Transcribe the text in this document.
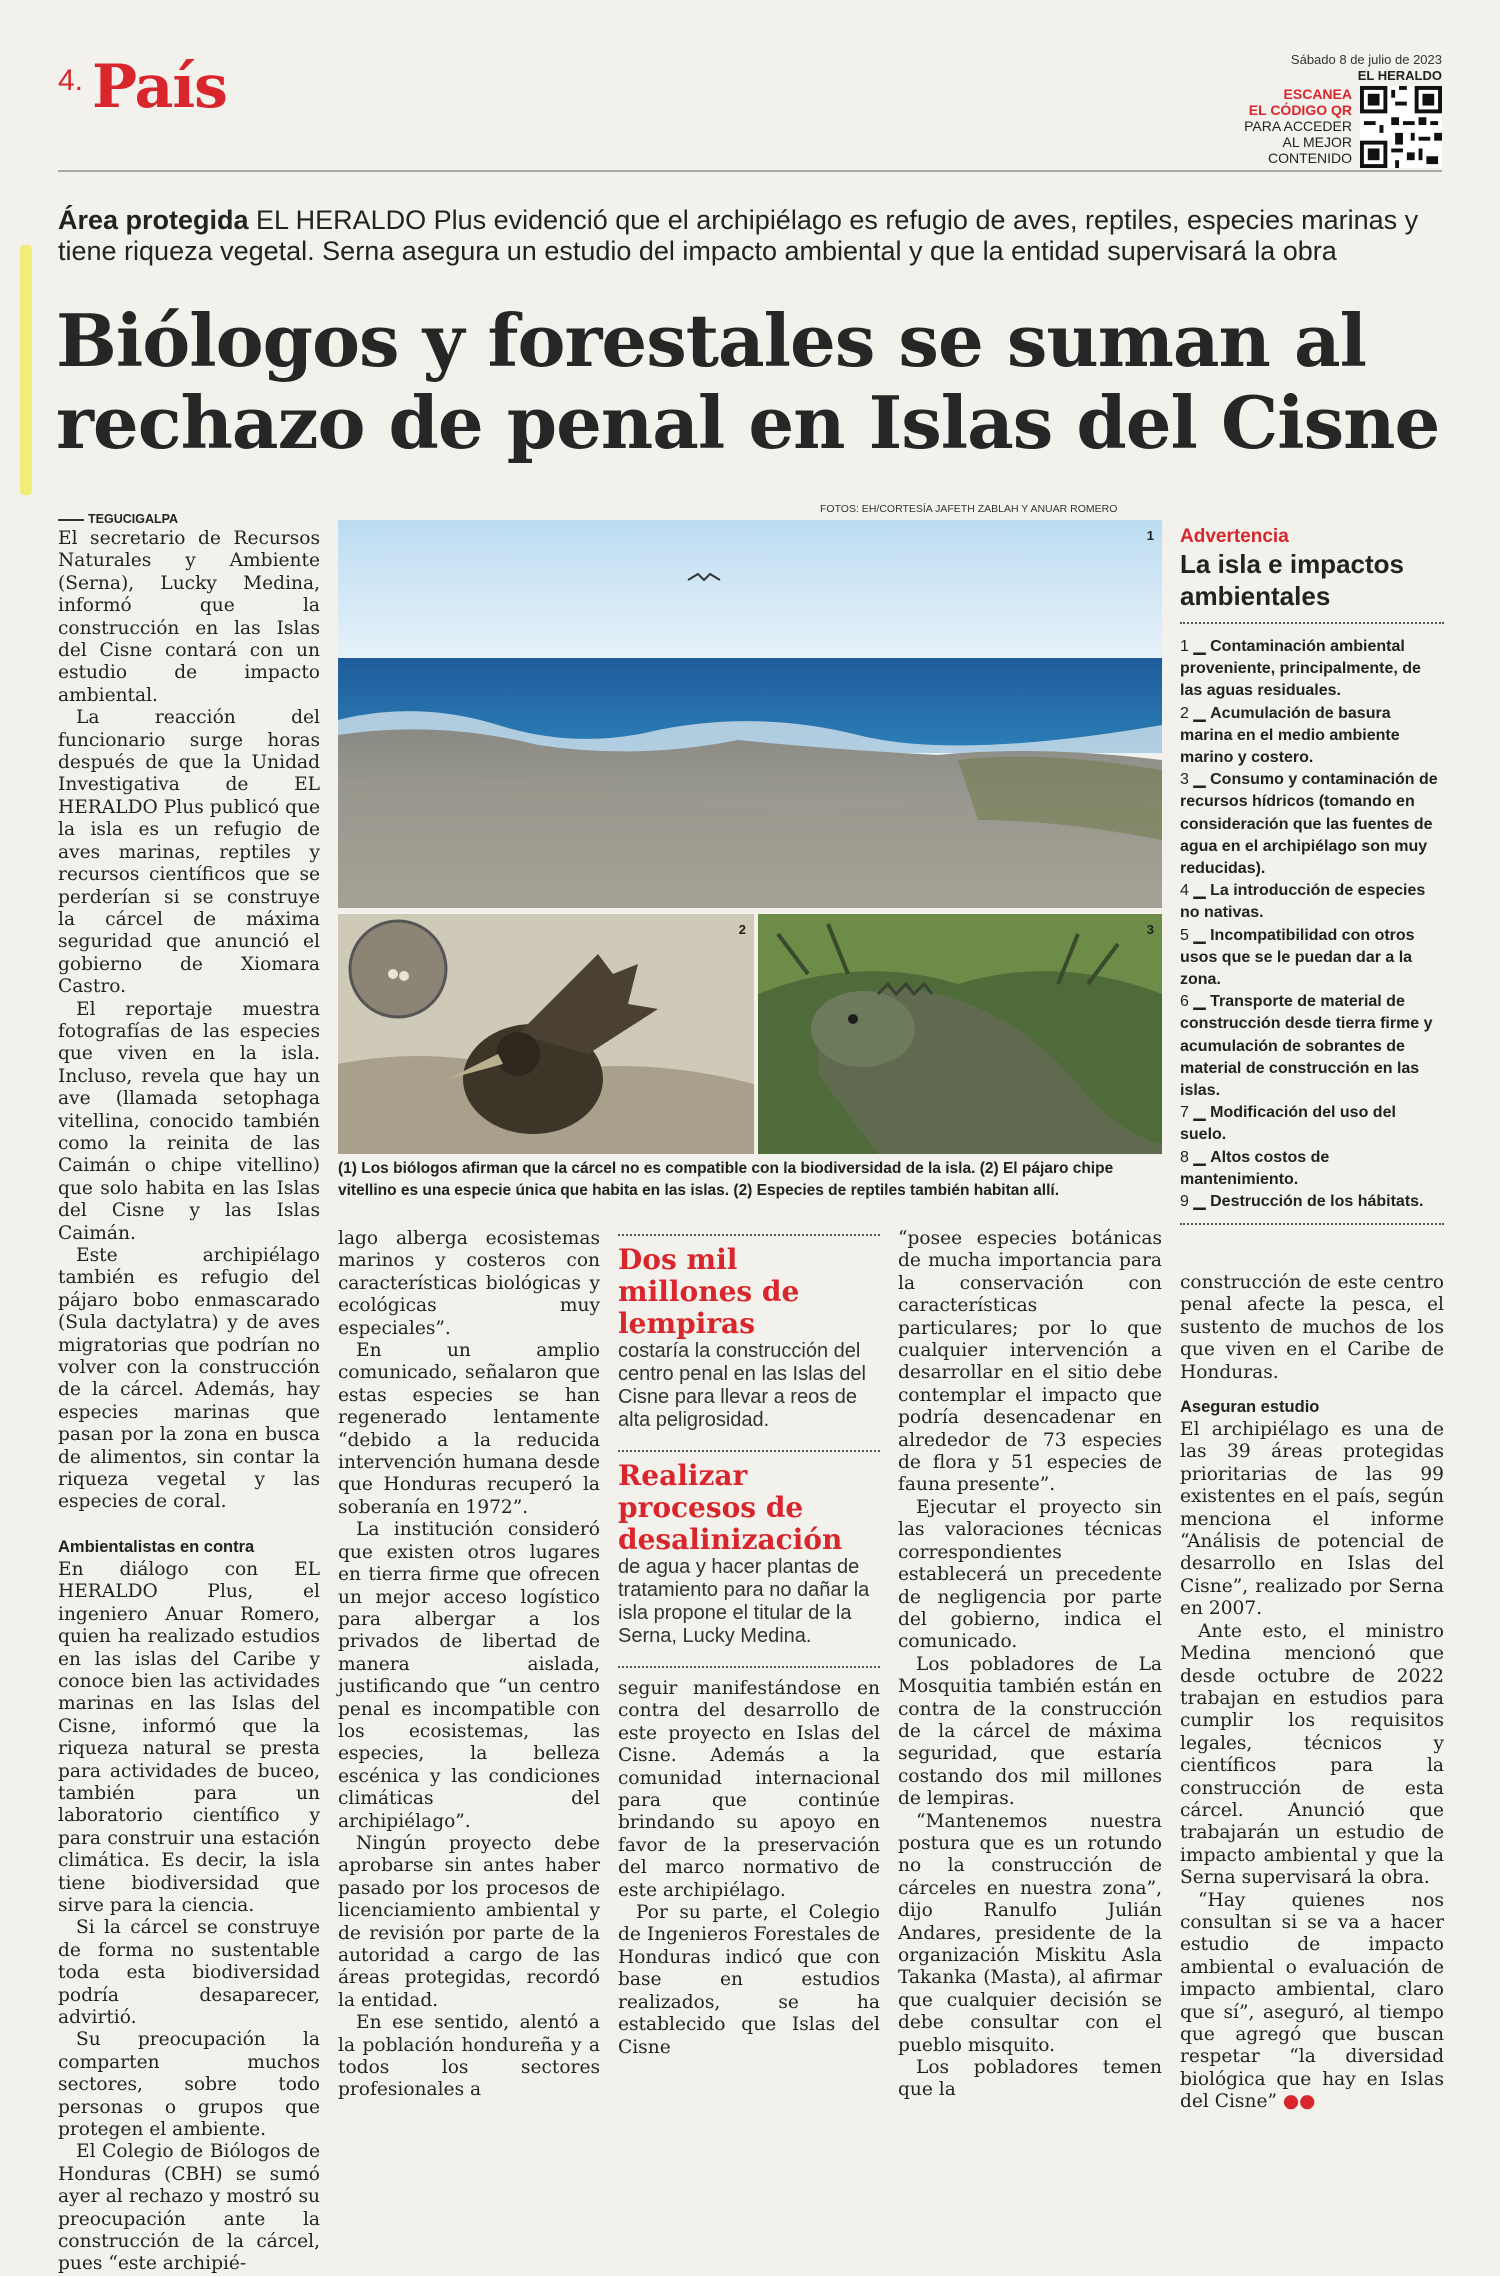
4. País	Sábado 8 de julio de 2023
EL HERALDO
ESCANEA
EL CÓDIGO QR
PARA ACCEDER
AL MEJOR
CONTENIDO
Área protegida EL HERALDO Plus evidenció que el archipiélago es refugio de aves, reptiles, especies marinas y tiene riqueza vegetal. Serna asegura un estudio del impacto ambiental y que la entidad supervisará la obra
Biólogos y forestales se suman al
rechazo de penal en Islas del Cisne
FOTOS: EH/CORTESÍA JAFETH ZABLAH Y ANUAR ROMERO
1
2	3
(1) Los biólogos afirman que la cárcel no es compatible con la biodiversidad de la isla. (2) El pájaro chipe vitellino es una especie única que habita en las islas. (2) Especies de reptiles también habitan allí.
TEGUCIGALPA

El secretario de Recursos Naturales y Ambiente (Serna), Lucky Medina, informó que la construcción en las Islas del Cisne contará con un estudio de impacto ambiental.

La reacción del funcionario surge horas después de que la Unidad Investigativa de EL HERALDO Plus publicó que la isla es un refugio de aves marinas, reptiles y recursos científicos que se perderían si se construye la cárcel de máxima seguridad que anunció el gobierno de Xiomara Castro.

El reportaje muestra fotografías de las especies que viven en la isla. Incluso, revela que hay un ave (llamada setophaga vitellina, conocido también como la reinita de las Caimán o chipe vitellino) que solo habita en las Islas del Cisne y las Islas Caimán.

Este archipiélago también es refugio del pájaro bobo enmascarado (Sula dactylatra) y de aves migratorias que podrían no volver con la construcción de la cárcel. Además, hay especies marinas que pasan por la zona en busca de alimentos, sin contar la riqueza vegetal y las especies de coral.

Ambientalistas en contra

En diálogo con EL HERALDO Plus, el ingeniero Anuar Romero, quien ha realizado estudios en las islas del Caribe y conoce bien las actividades marinas en las Islas del Cisne, informó que la riqueza natural se presta para actividades de buceo, también para un laboratorio científico y para construir una estación climática. Es decir, la isla tiene biodiversidad que sirve para la ciencia.

Si la cárcel se construye de forma no sustentable toda esta biodiversidad podría desaparecer, advirtió.

Su preocupación la comparten muchos sectores, sobre todo personas o grupos que protegen el ambiente.

El Colegio de Biólogos de Honduras (CBH) se sumó ayer al rechazo y mostró su preocupación ante la construcción de la cárcel, pues “este archipié-

lago alberga ecosistemas marinos y costeros con características biológicas y ecológicas muy especiales”.

En un amplio comunicado, señalaron que estas especies se han regenerado lentamente “debido a la reducida intervención humana desde que Honduras recuperó la soberanía en 1972”.

La institución consideró que existen otros lugares en tierra firme que ofrecen un mejor acceso logístico para albergar a los privados de libertad de manera aislada, justificando que “un centro penal es incompatible con los ecosistemas, las especies, la belleza escénica y las condiciones climáticas del archipiélago”.

Ningún proyecto debe aprobarse sin antes haber pasado por los procesos de licenciamiento ambiental y de revisión por parte de la autoridad a cargo de las áreas protegidas, recordó la entidad.

En ese sentido, alentó a la población hondureña y a todos los sectores profesionales a

Dos mil millones de lempiras
costaría la construcción del centro penal en las Islas del Cisne para llevar a reos de alta peligrosidad.
Realizar procesos de desalinización
de agua y hacer plantas de tratamiento para no dañar la isla propone el titular de la Serna, Lucky Medina.

seguir manifestándose en contra del desarrollo de este proyecto en Islas del Cisne. Además a la comunidad internacional para que continúe brindando su apoyo en favor de la preservación del marco normativo de este archipiélago.

Por su parte, el Colegio de Ingenieros Forestales de Honduras indicó que con base en estudios realizados, se ha establecido que Islas del Cisne

“posee especies botánicas de mucha importancia para la conservación con características particulares; por lo que cualquier intervención a desarrollar en el sitio debe contemplar el impacto que podría desencadenar en alrededor de 73 especies de flora y 51 especies de fauna presente”.

Ejecutar el proyecto sin las valoraciones técnicas correspondientes establecerá un precedente de negligencia por parte del gobierno, indica el comunicado.

Los pobladores de La Mosquitia también están en contra de la construcción de la cárcel de máxima seguridad, que estaría costando dos mil millones de lempiras.

“Mantenemos nuestra postura que es un rotundo no la construcción de cárceles en nuestra zona”, dijo Ranulfo Julián Andares, presidente de la organización Miskitu Asla Takanka (Masta), al afirmar que cualquier decisión se debe consultar con el pueblo misquito.

Los pobladores temen que la

Advertencia
La isla e impactos ambientales

1 ▁ Contaminación ambiental proveniente, principalmente, de las aguas residuales.

2 ▁ Acumulación de basura marina en el medio ambiente marino y costero.

3 ▁ Consumo y contaminación de recursos hídricos (tomando en consideración que las fuentes de agua en el archipiélago son muy reducidas).

4 ▁ La introducción de especies no nativas.

5 ▁ Incompatibilidad con otros usos que se le puedan dar a la zona.

6 ▁ Transporte de material de construcción desde tierra firme y acumulación de sobrantes de material de construcción en las islas.

7 ▁ Modificación del uso del suelo.

8 ▁ Altos costos de mantenimiento.

9 ▁ Destrucción de los hábitats.

construcción de este centro penal afecte la pesca, el sustento de muchos de los que viven en el Caribe de Honduras.

Aseguran estudio

El archipiélago es una de las 39 áreas protegidas prioritarias de las 99 existentes en el país, según menciona el informe “Análisis de potencial de desarrollo en Islas del Cisne”, realizado por Serna en 2007.

Ante esto, el ministro Medina mencionó que desde octubre de 2022 trabajan en estudios para cumplir los requisitos legales, técnicos y científicos para la construcción de esta cárcel. Anunció que trabajarán un estudio de impacto ambiental y que la Serna supervisará la obra.

“Hay quienes nos consultan si se va a hacer estudio de impacto ambiental o evaluación de impacto ambiental, claro que sí”, aseguró, al tiempo que agregó que buscan respetar “la diversidad biológica que hay en Islas del Cisne” ●●
